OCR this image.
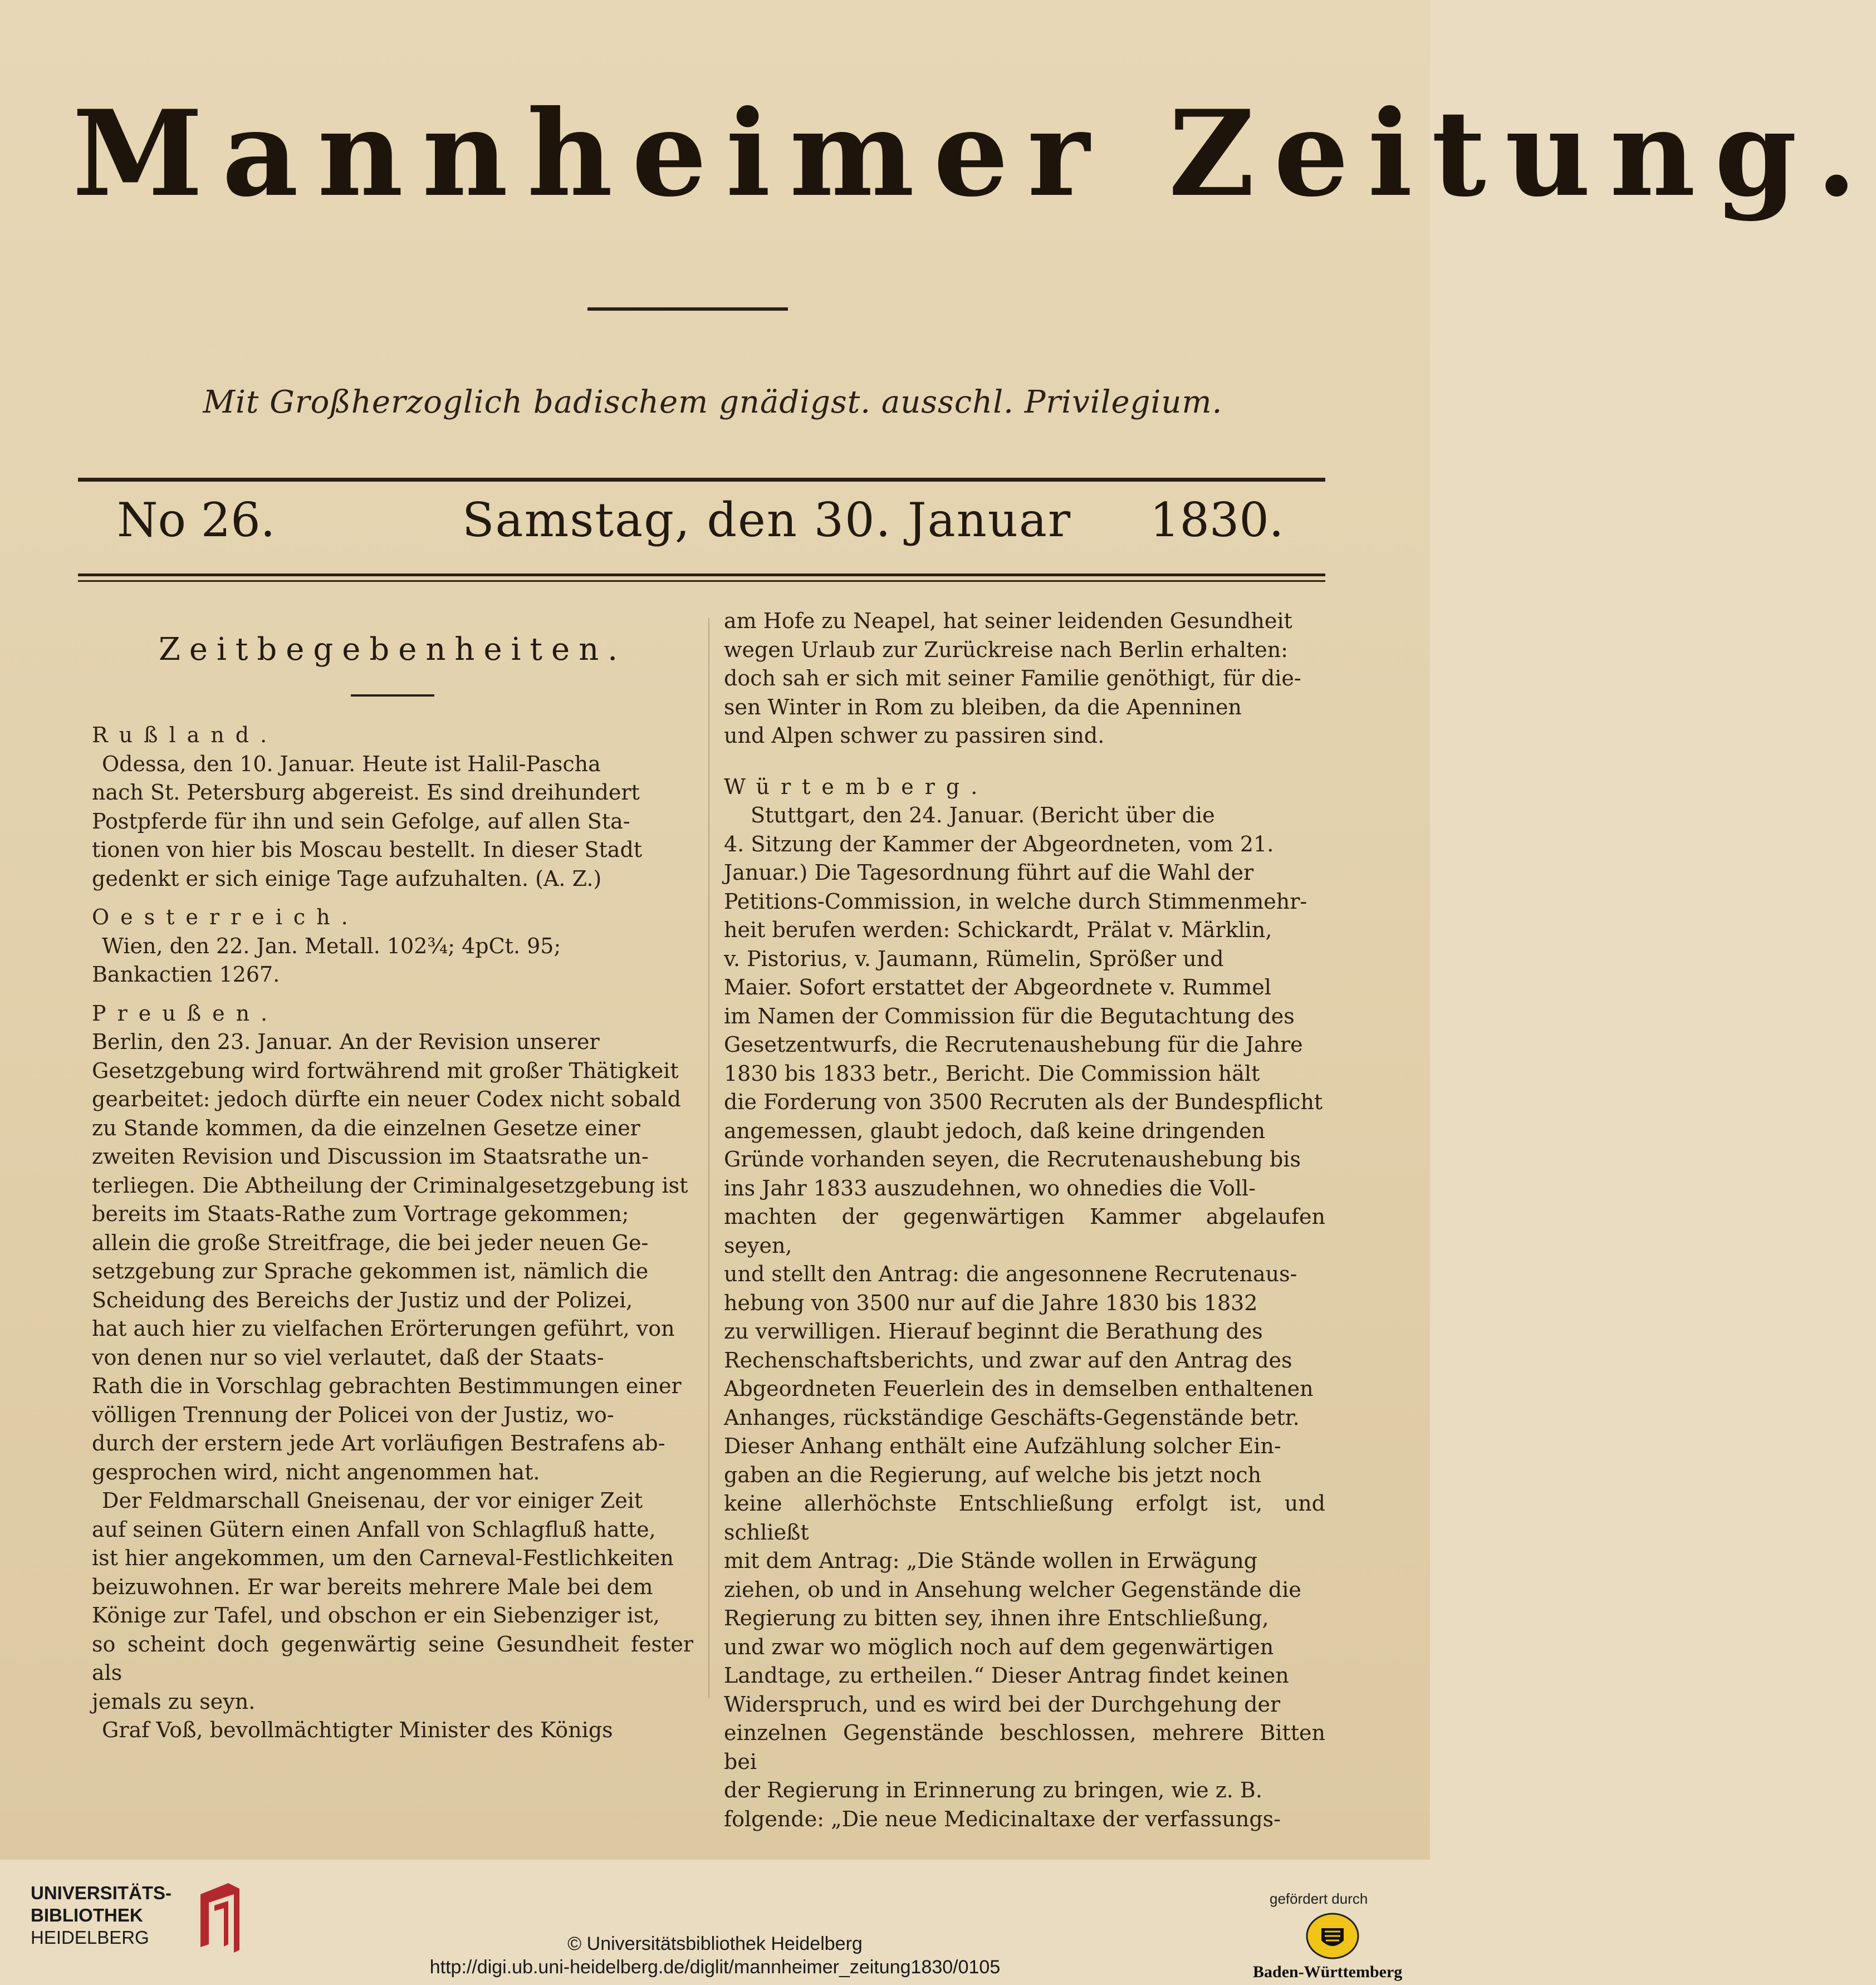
Mannheimer Zeitung.
Mit Großherzoglich badischem gnädigst. ausschl. Privilegium.
No 26.	Samstag, den 30. Januar 1830.
Zeitbegebenheiten.

Rußland.

Odessa, den 10. Januar. Heute ist Halil-Pascha

nach St. Petersburg abgereist. Es sind dreihundert

Postpferde für ihn und sein Gefolge, auf allen Sta-

tionen von hier bis Moscau bestellt. In dieser Stadt

gedenkt er sich einige Tage aufzuhalten. (A. Z.)

Oesterreich.

Wien, den 22. Jan. Metall. 102¾; 4pCt. 95;

Bankactien 1267.

Preußen.

Berlin, den 23. Januar. An der Revision unserer

Gesetzgebung wird fortwährend mit großer Thätigkeit

gearbeitet: jedoch dürfte ein neuer Codex nicht sobald

zu Stande kommen, da die einzelnen Gesetze einer

zweiten Revision und Discussion im Staatsrathe un-

terliegen. Die Abtheilung der Criminalgesetzgebung ist

bereits im Staats-Rathe zum Vortrage gekommen;

allein die große Streitfrage, die bei jeder neuen Ge-

setzgebung zur Sprache gekommen ist, nämlich die

Scheidung des Bereichs der Justiz und der Polizei,

hat auch hier zu vielfachen Erörterungen geführt, von

von denen nur so viel verlautet, daß der Staats-

Rath die in Vorschlag gebrachten Bestimmungen einer

völligen Trennung der Policei von der Justiz, wo-

durch der erstern jede Art vorläufigen Bestrafens ab-

gesprochen wird, nicht angenommen hat.

Der Feldmarschall Gneisenau, der vor einiger Zeit

auf seinen Gütern einen Anfall von Schlagfluß hatte,

ist hier angekommen, um den Carneval-Festlichkeiten

beizuwohnen. Er war bereits mehrere Male bei dem

Könige zur Tafel, und obschon er ein Siebenziger ist,

so scheint doch gegenwärtig seine Gesundheit fester als

jemals zu seyn.

Graf Voß, bevollmächtigter Minister des Königs

am Hofe zu Neapel, hat seiner leidenden Gesundheit

wegen Urlaub zur Zurückreise nach Berlin erhalten:

doch sah er sich mit seiner Familie genöthigt, für die-

sen Winter in Rom zu bleiben, da die Apenninen

und Alpen schwer zu passiren sind.

Würtemberg.

Stuttgart, den 24. Januar. (Bericht über die

4. Sitzung der Kammer der Abgeordneten, vom 21.

Januar.) Die Tagesordnung führt auf die Wahl der

Petitions-Commission, in welche durch Stimmenmehr-

heit berufen werden: Schickardt, Prälat v. Märklin,

v. Pistorius, v. Jaumann, Rümelin, Sprößer und

Maier. Sofort erstattet der Abgeordnete v. Rummel

im Namen der Commission für die Begutachtung des

Gesetzentwurfs, die Recrutenaushebung für die Jahre

1830 bis 1833 betr., Bericht. Die Commission hält

die Forderung von 3500 Recruten als der Bundespflicht

angemessen, glaubt jedoch, daß keine dringenden

Gründe vorhanden seyen, die Recrutenaushebung bis

ins Jahr 1833 auszudehnen, wo ohnedies die Voll-

machten der gegenwärtigen Kammer abgelaufen seyen,

und stellt den Antrag: die angesonnene Recrutenaus-

hebung von 3500 nur auf die Jahre 1830 bis 1832

zu verwilligen. Hierauf beginnt die Berathung des

Rechenschaftsberichts, und zwar auf den Antrag des

Abgeordneten Feuerlein des in demselben enthaltenen

Anhanges, rückständige Geschäfts-Gegenstände betr.

Dieser Anhang enthält eine Aufzählung solcher Ein-

gaben an die Regierung, auf welche bis jetzt noch

keine allerhöchste Entschließung erfolgt ist, und schließt

mit dem Antrag: „Die Stände wollen in Erwägung

ziehen, ob und in Ansehung welcher Gegenstände die

Regierung zu bitten sey, ihnen ihre Entschließung,

und zwar wo möglich noch auf dem gegenwärtigen

Landtage, zu ertheilen.“ Dieser Antrag findet keinen

Widerspruch, und es wird bei der Durchgehung der

einzelnen Gegenstände beschlossen, mehrere Bitten bei

der Regierung in Erinnerung zu bringen, wie z. B.

folgende: „Die neue Medicinaltaxe der verfassungs-

UNIVERSITÄTS-
BIBLIOTHEK
HEIDELBERG	© Universitätsbibliothek Heidelberg
http://digi.ub.uni-heidelberg.de/diglit/mannheimer_zeitung1830/0105
gefördert durch
Baden-Württemberg
